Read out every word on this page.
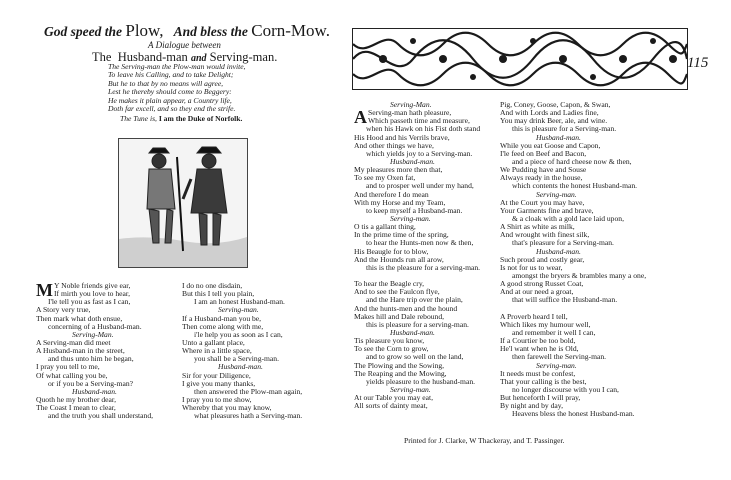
God speed the Plow, And bless the Corn-Mow.
A Dialogue between
The Husband-man and Serving-man.
The Serving-man the Plow-man would invite,
To leave his Calling, and to take Delight;
But he to that by no means will agree,
Lest he thereby should come to Beggery:
He makes it plain appear, a Country life,
Doth far excell, and so they end the strife.
The Tune is, I am the Duke of Norfolk.
M Y Noble friends give ear,
If mirth you love to hear,
I'le tell you as fast as I can,
A Story very true,
Then mark what doth ensue,
concerning of a Husband-man.
Serving-Man.
A Serving-man did meet
A Husband-man in the street,
and thus unto him he began,
I pray you tell to me,
Of what calling you be,
or if you be a Serving-man?
Husband-man.
Quoth he my brother dear,
The Coast I mean to clear,
and the truth you shall understand,
I do no one disdain,
But this I tell you plain,
I am an honest Husband-man.
Serving-man.
If a Husband-man you be,
Then come along with me,
i'le help you as soon as I can,
Unto a gallant place,
Where in a little space,
you shall be a Serving-man.
Husband-man.
Sir for your Diligence,
I give you many thanks,
then answered the Plow-man again,
I pray you to me show,
Whereby that you may know,
what pleasures hath a Serving-man.
115
Serving-Man.
A Serving-man hath pleasure,
Which passeth time and measure,
when his Hawk on his Fist doth stand
His Hood and his Verrils brave,
And other things we have,
which yields joy to a Serving-man.
Husband-man.
My pleasures more then that,
To see my Oxen fat,
and to prosper well under my hand,
And therefore I do mean
With my Horse and my Team,
to keep myself a Husband-man.
Serving-man.
O tis a gallant thing,
In the prime time of the spring,
to hear the Hunts-men now & then,
His Beaugle for to blow,
And the Hounds run all arow,
this is the pleasure for a serving-man.
To hear the Beagle cry,
And to see the Faulcon flye,
and the Hare trip over the plain,
And the hunts-men and the hound
Makes hill and Dale rebound,
this is pleasure for a serving-man.
Husband-man.
Tis pleasure you know,
To see the Corn to grow,
and to grow so well on the land,
The Plowing and the Sowing,
The Reaping and the Mowing,
yields pleasure to the husband-man.
Serving-man.
At our Table you may eat,
All sorts of dainty meat,
Pig, Coney, Goose, Capon, & Swan,
And with Lords and Ladies fine,
You may drink Beer, ale, and wine.
this is pleasure for a Serving-man.
Husband-man.
While you eat Goose and Capon,
I'le feed on Beef and Bacon,
and a piece of hard cheese now & then,
We Pudding have and Souse
Always ready in the house,
which contents the honest Husband-man.
Serving-man.
At the Court you may have,
Your Garments fine and brave,
& a cloak with a gold lace laid upon,
A Shirt as white as milk,
And wrought with finest silk,
that's pleasure for a Serving-man.
Husband-man.
Such proud and costly gear,
Is not for us to wear,
amongst the bryers & brambles many a one,
A good strong Russet Coat,
And at our need a groat,
that will suffice the Husband-man.
A Proverb heard I tell,
Which likes my humour well,
and remember it well I can,
If a Courtier be too bold,
He'l want when he is Old,
then farewell the Serving-man.
Serving-man.
It needs must be confest,
That your calling is the best,
no longer discourse with you I can,
But henceforth I will pray,
By night and by day,
Heavens bless the honest Husband-man.
Printed for J. Clarke, W Thackeray, and T. Passinger.
